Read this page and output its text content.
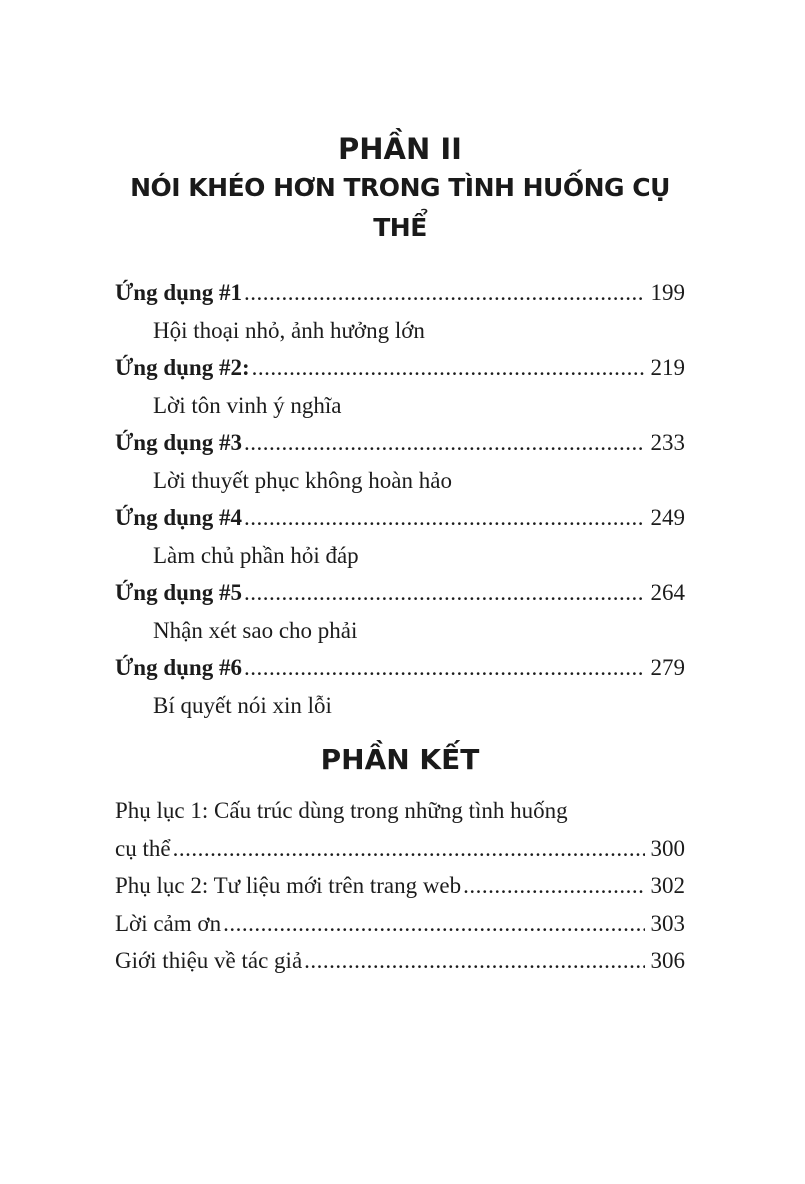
PHẦN II
NÓI KHÉO HƠN TRONG TÌNH HUỐNG CỤ THỂ
Ứng dụng #1 .....	199
Hội thoại nhỏ, ảnh hưởng lớn
Ứng dụng #2: .....	219
Lời tôn vinh ý nghĩa
Ứng dụng #3 .....	233
Lời thuyết phục không hoàn hảo
Ứng dụng #4 .....	249
Làm chủ phần hỏi đáp
Ứng dụng #5 .....	264
Nhận xét sao cho phải
Ứng dụng #6 .....	279
Bí quyết nói xin lỗi
PHẦN KẾT
Phụ lục 1: Cấu trúc dùng trong những tình huống
cụ thể .....	300
Phụ lục 2: Tư liệu mới trên trang web .....	302
Lời cảm ơn .....	303
Giới thiệu về tác giả .....	306
